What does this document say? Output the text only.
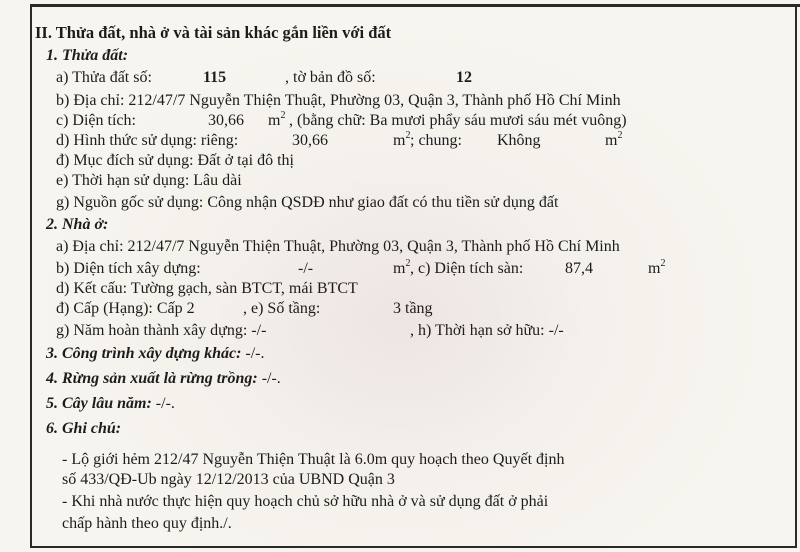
II. Thửa đất, nhà ở và tài sản khác gắn liền với đất
1. Thửa đất:
a) Thửa đất số:	115	, tờ bản đồ số:	12
b) Địa chỉ: 212/47/7 Nguyễn Thiện Thuật, Phường 03, Quận 3, Thành phố Hồ Chí Minh
c) Diện tích:	30,66 $m^2$ , (bằng chữ: Ba mươi phẩy sáu mươi sáu mét vuông)
d) Hình thức sử dụng: riêng:	30,66	$m^2$ ; chung: Không	$m^2$
đ) Mục đích sử dụng: Đất ở tại đô thị
e) Thời hạn sử dụng: Lâu dài
g) Nguồn gốc sử dụng: Công nhận QSDĐ như giao đất có thu tiền sử dụng đất
2. Nhà ở:
a) Địa chỉ: 212/47/7 Nguyễn Thiện Thuật, Phường 03, Quận 3, Thành phố Hồ Chí Minh
b) Diện tích xây dựng:	-/-	$m^2$ , c) Diện tích sàn:	87,4	$m^2$
d) Kết cấu: Tường gạch, sàn BTCT, mái BTCT
đ) Cấp (Hạng): Cấp 2	, e) Số tầng:	3 tầng
g) Năm hoàn thành xây dựng: -/-	, h) Thời hạn sở hữu: -/-
3. Công trình xây dựng khác: -/-.
4. Rừng sản xuất là rừng trồng: -/-.
5. Cây lâu năm: -/-.
6. Ghi chú:
- Lộ giới hẻm 212/47 Nguyễn Thiện Thuật là 6.0m quy hoạch theo Quyết định
số 433/QĐ-Ub ngày 12/12/2013 của UBND Quận 3
- Khi nhà nước thực hiện quy hoạch chủ sở hữu nhà ở và sử dụng đất ở phải
chấp hành theo quy định./.
